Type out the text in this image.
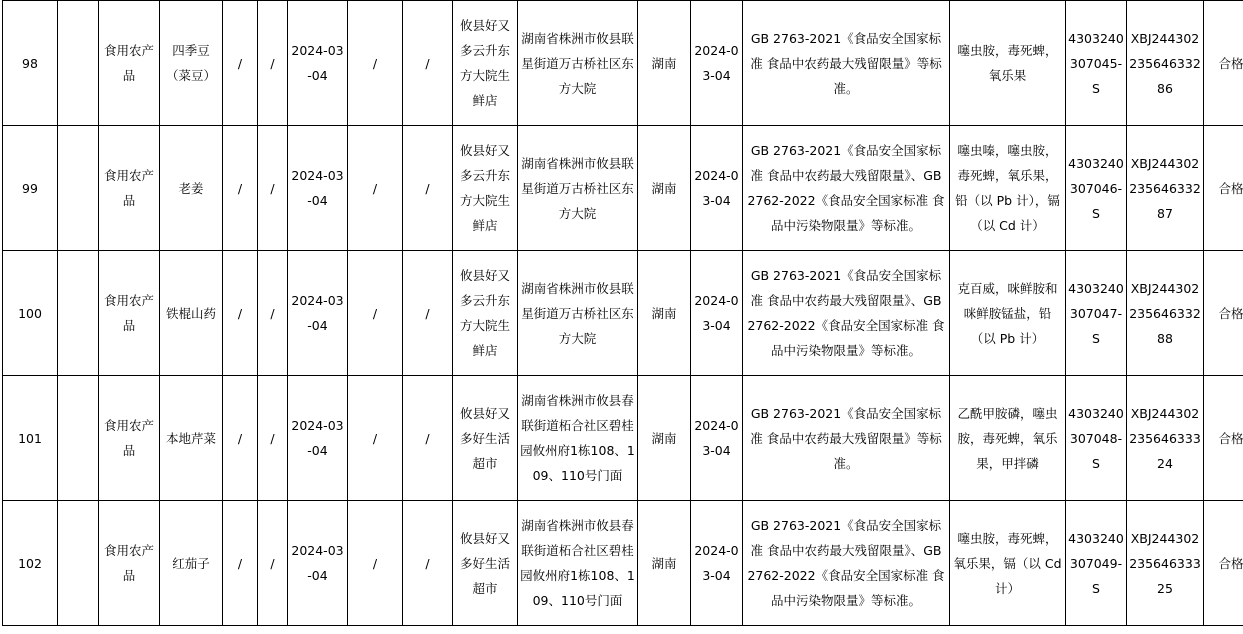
98		食用农产品	四季豆（菜豆）	/	/	2024-03-04	/	/	攸县好又多云升东方大院生鲜店	湖南省株洲市攸县联星街道万古桥社区东方大院	湖南	2024-03-04	GB 2763-2021《食品安全国家标准 食品中农药最大残留限量》等标准。	噻虫胺，毒死蜱，氧乐果	4303240307045-S	XBJ24430223564633286	合格
99		食用农产品	老姜	/	/	2024-03-04	/	/	攸县好又多云升东方大院生鲜店	湖南省株洲市攸县联星街道万古桥社区东方大院	湖南	2024-03-04	GB 2763-2021《食品安全国家标准 食品中农药最大残留限量》、GB 2762-2022《食品安全国家标准 食品中污染物限量》等标准。	噻虫嗪，噻虫胺，毒死蜱，氧乐果，铅（以 Pb 计），镉（以 Cd 计）	4303240307046-S	XBJ24430223564633287	合格
100		食用农产品	铁棍山药	/	/	2024-03-04	/	/	攸县好又多云升东方大院生鲜店	湖南省株洲市攸县联星街道万古桥社区东方大院	湖南	2024-03-04	GB 2763-2021《食品安全国家标准 食品中农药最大残留限量》、GB 2762-2022《食品安全国家标准 食品中污染物限量》等标准。	克百威，咪鲜胺和咪鲜胺锰盐，铅（以 Pb 计）	4303240307047-S	XBJ24430223564633288	合格
101		食用农产品	本地芹菜	/	/	2024-03-04	/	/	攸县好又多好生活超市	湖南省株洲市攸县春联街道柘合社区碧桂园攸州府1栋108、109、110号门面	湖南	2024-03-04	GB 2763-2021《食品安全国家标准 食品中农药最大残留限量》等标准。	乙酰甲胺磷，噻虫胺，毒死蜱，氧乐果，甲拌磷	4303240307048-S	XBJ24430223564633324	合格
102		食用农产品	红茄子	/	/	2024-03-04	/	/	攸县好又多好生活超市	湖南省株洲市攸县春联街道柘合社区碧桂园攸州府1栋108、109、110号门面	湖南	2024-03-04	GB 2763-2021《食品安全国家标准 食品中农药最大残留限量》、GB 2762-2022《食品安全国家标准 食品中污染物限量》等标准。	噻虫胺，毒死蜱，氧乐果，镉（以 Cd 计）	4303240307049-S	XBJ24430223564633325	合格
